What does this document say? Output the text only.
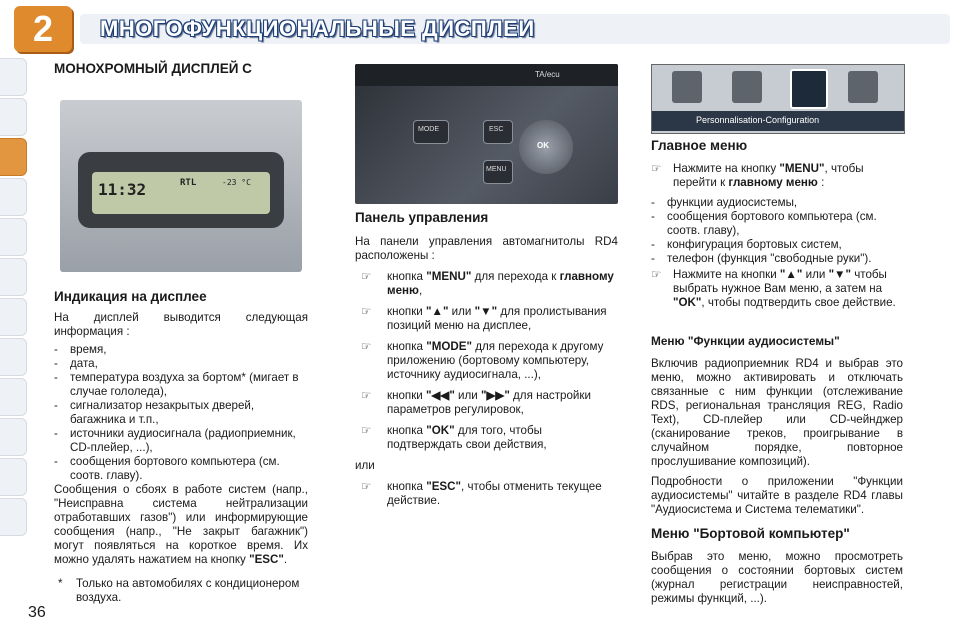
2	МНОГОФУНКЦИОНАЛЬНЫЕ ДИСПЛЕИ
МОНОХРОМНЫЙ ДИСПЛЕЙ C
11:32	RTL	-23 °C
Индикация на дисплее

На дисплей выводится следующая информация :

- время,
- дата,
- температура воздуха за бортом* (мигает в случае гололеда),
- сигнализатор незакрытых дверей, багажника и т.п.,
- источники аудиосигнала (радиоприемник, CD-плейер, ...),
- сообщения бортового компьютера (см. соотв. главу).

Сообщения о сбоях в работе систем (напр., "Неисправна система нейтрализации отработавших газов") или информирующие сообщения (напр., "Не закрыт багажник") могут появляться на короткое время. Их можно удалять нажатием на кнопку "ESC".

* Только на автомобилях с кондиционером воздуха.
TA/ecu
MODE	ESC
OK
MENU
Панель управления

На панели управления автомагнитолы RD4 расположены :

☞ кнопка "MENU" для перехода к главному меню,
☞ кнопки "▲" или "▼" для пролистывания позиций меню на дисплее,
☞ кнопка "MODE" для перехода к другому приложению (бортовому компьютеру, источнику аудиосигнала, ...),
☞ кнопки "◀◀" или "▶▶" для настройки параметров регулировок,
☞ кнопка "OK" для того, чтобы подтверждать свои действия,

или

☞ кнопка "ESC", чтобы отменить текущее действие.
Personnalisation-Configuration
Главное меню
☞ Нажмите на кнопку "MENU", чтобы перейти к главному меню :
- функции аудиосистемы,
- сообщения бортового компьютера (см. соотв. главу),
- конфигурация бортовых систем,
- телефон (функция "свободные руки").
☞ Нажмите на кнопки "▲" или "▼" чтобы выбрать нужное Вам меню, а затем на "OK", чтобы подтвердить свое действие.
Меню "Функции аудиосистемы"

Включив радиоприемник RD4 и выбрав это меню, можно активировать и отключать связанные с ним функции (отслеживание RDS, региональная трансляция REG, Radio Text), CD-плейер или CD-чейнджер (сканирование треков, проигрывание в случайном порядке, повторное прослушивание композиций).

Подробности о приложении "Функции аудиосистемы" читайте в разделе RD4 главы "Аудиосистема и Система телематики".

Меню "Бортовой компьютер"

Выбрав это меню, можно просмотреть сообщения о состоянии бортовых систем (журнал регистрации неисправностей, режимы функций, ...).

36
